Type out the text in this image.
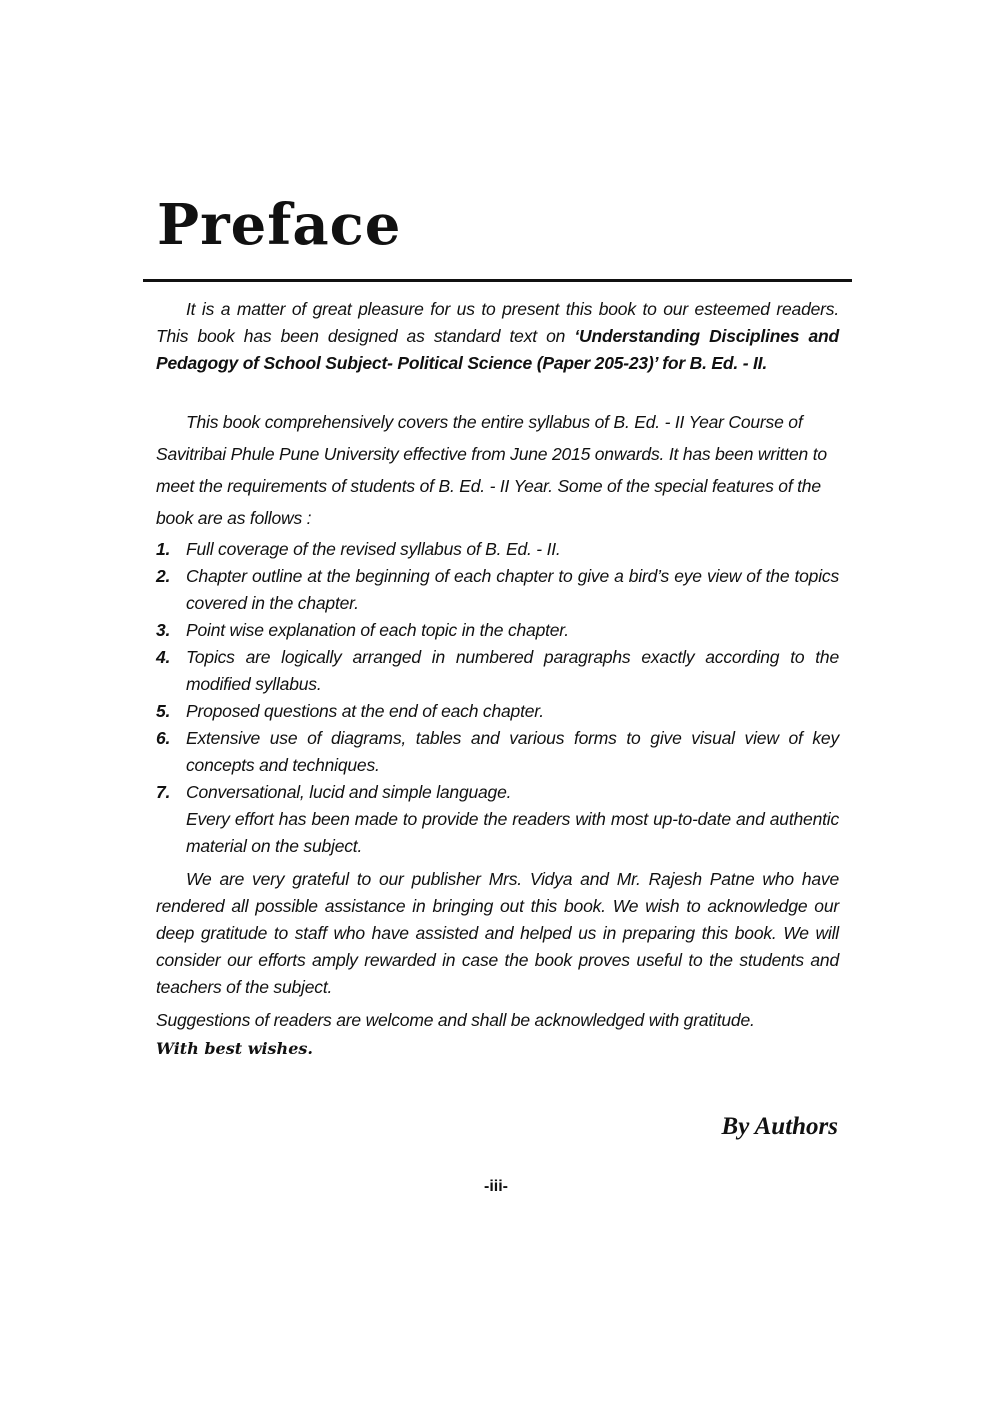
Preface
It is a matter of great pleasure for us to present this book to our esteemed readers. This book has been designed as standard text on ‘Understanding Disciplines and Pedagogy of School Subject- Political Science (Paper 205-23)’ for B. Ed. - II.
This book comprehensively covers the entire syllabus of B. Ed. - II Year Course of Savitribai Phule Pune University effective from June 2015 onwards. It has been written to meet the requirements of students of B. Ed. - II Year. Some of the special features of the book are as follows :
1. Full coverage of the revised syllabus of B. Ed. - II.
2. Chapter outline at the beginning of each chapter to give a bird’s eye view of the topics covered in the chapter.
3. Point wise explanation of each topic in the chapter.
4. Topics are logically arranged in numbered paragraphs exactly according to the modified syllabus.
5. Proposed questions at the end of each chapter.
6. Extensive use of diagrams, tables and various forms to give visual view of key concepts and techniques.
7. Conversational, lucid and simple language.
Every effort has been made to provide the readers with most up-to-date and authentic material on the subject.
We are very grateful to our publisher Mrs. Vidya and Mr. Rajesh Patne who have rendered all possible assistance in bringing out this book. We wish to acknowledge our deep gratitude to staff who have assisted and helped us in preparing this book. We will consider our efforts amply rewarded in case the book proves useful to the students and teachers of the subject.
Suggestions of readers are welcome and shall be acknowledged with gratitude.
With best wishes.
By Authors
-iii-
